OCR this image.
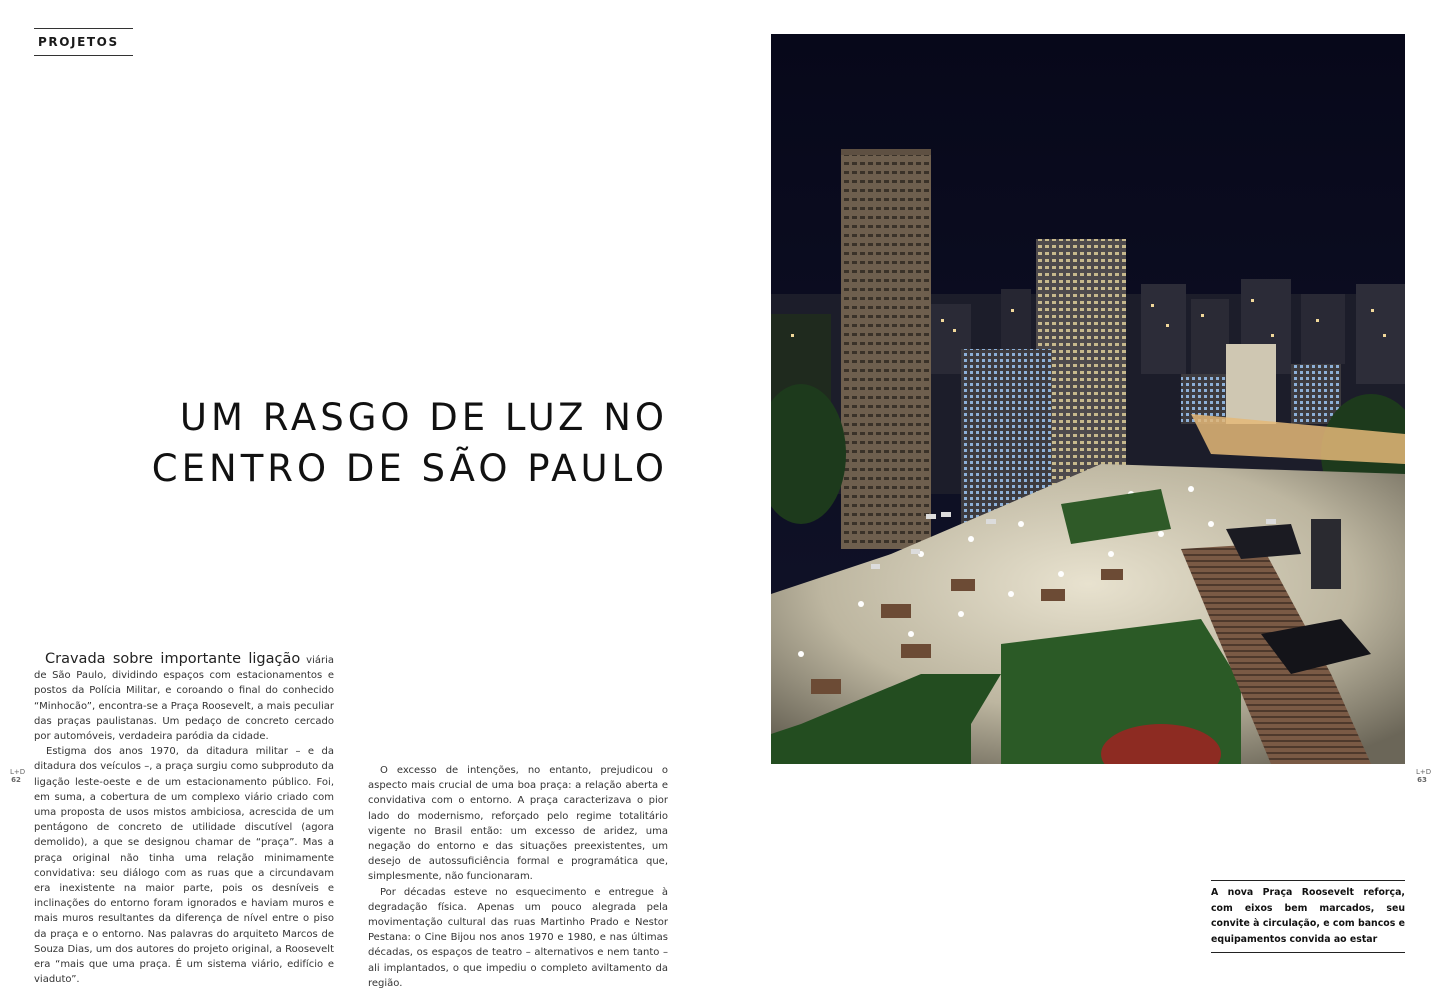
PROJETOS
UM RASGO DE LUZ NO
CENTRO DE SÃO PAULO

Cravada sobre importante ligação viária de São Paulo, dividindo espaços com estacionamentos e postos da Polícia Militar, e coroando o final do conhecido “Minhocão”, encontra-se a Praça Roosevelt, a mais peculiar das praças paulistanas. Um pedaço de concreto cercado por automóveis, verdadeira paródia da cidade.

Estigma dos anos 1970, da ditadura militar – e da ditadura dos veículos –, a praça surgiu como subproduto da ligação leste-oeste e de um estacionamento público. Foi, em suma, a cobertura de um complexo viário criado com uma proposta de usos mistos ambiciosa, acrescida de um pentágono de concreto de utilidade discutível (agora demolido), a que se designou chamar de “praça”. Mas a praça original não tinha uma relação minimamente convidativa: seu diálogo com as ruas que a circundavam era inexistente na maior parte, pois os desníveis e inclinações do entorno foram ignorados e haviam muros e mais muros resultantes da diferença de nível entre o piso da praça e o entorno. Nas palavras do arquiteto Marcos de Souza Dias, um dos autores do projeto original, a Roosevelt era “mais que uma praça. É um sistema viário, edifício e viaduto”.

O excesso de intenções, no entanto, prejudicou o aspecto mais crucial de uma boa praça: a relação aberta e convidativa com o entorno. A praça caracterizava o pior lado do modernismo, reforçado pelo regime totalitário vigente no Brasil então: um excesso de aridez, uma negação do entorno e das situações preexistentes, um desejo de autossuficiência formal e programática que, simplesmente, não funcionaram.

Por décadas esteve no esquecimento e entregue à degradação física. Apenas um pouco alegrada pela movimentação cultural das ruas Martinho Prado e Nestor Pestana: o Cine Bijou nos anos 1970 e 1980, e nas últimas décadas, os espaços de teatro – alternativos e nem tanto – ali implantados, o que impediu o completo aviltamento da região.

L+D
62
L+D
63

A nova Praça Roosevelt reforça, com eixos bem marcados, seu convite à circulação, e com bancos e equipamentos convida ao estar
